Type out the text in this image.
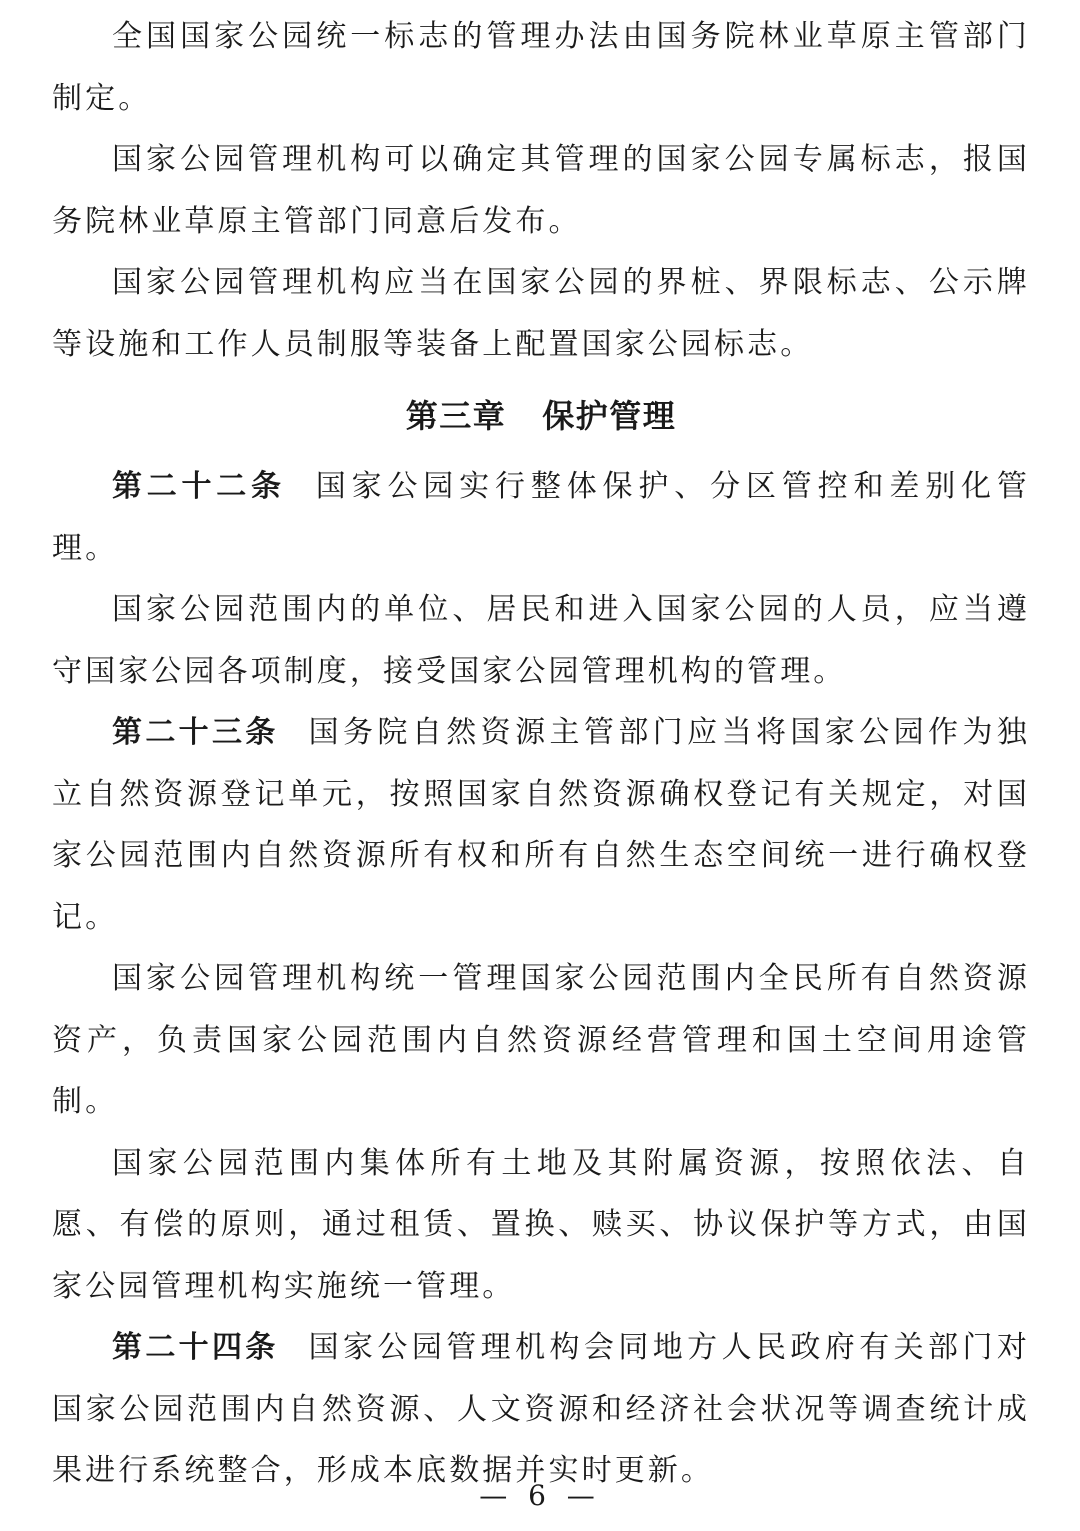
全国国家公园统一标志的管理办法由国务院林业草原主管部门制定。

国家公园管理机构可以确定其管理的国家公园专属标志，报国务院林业草原主管部门同意后发布。

国家公园管理机构应当在国家公园的界桩、界限标志、公示牌等设施和工作人员制服等装备上配置国家公园标志。

第三章 保护管理

第二十二条 国家公园实行整体保护、分区管控和差别化管理。

国家公园范围内的单位、居民和进入国家公园的人员，应当遵守国家公园各项制度，接受国家公园管理机构的管理。

第二十三条 国务院自然资源主管部门应当将国家公园作为独立自然资源登记单元，按照国家自然资源确权登记有关规定，对国家公园范围内自然资源所有权和所有自然生态空间统一进行确权登记。

国家公园管理机构统一管理国家公园范围内全民所有自然资源资产，负责国家公园范围内自然资源经营管理和国土空间用途管制。

国家公园范围内集体所有土地及其附属资源，按照依法、自愿、有偿的原则，通过租赁、置换、赎买、协议保护等方式，由国家公园管理机构实施统一管理。

第二十四条 国家公园管理机构会同地方人民政府有关部门对国家公园范围内自然资源、人文资源和经济社会状况等调查统计成果进行系统整合，形成本底数据并实时更新。

— 6 —
